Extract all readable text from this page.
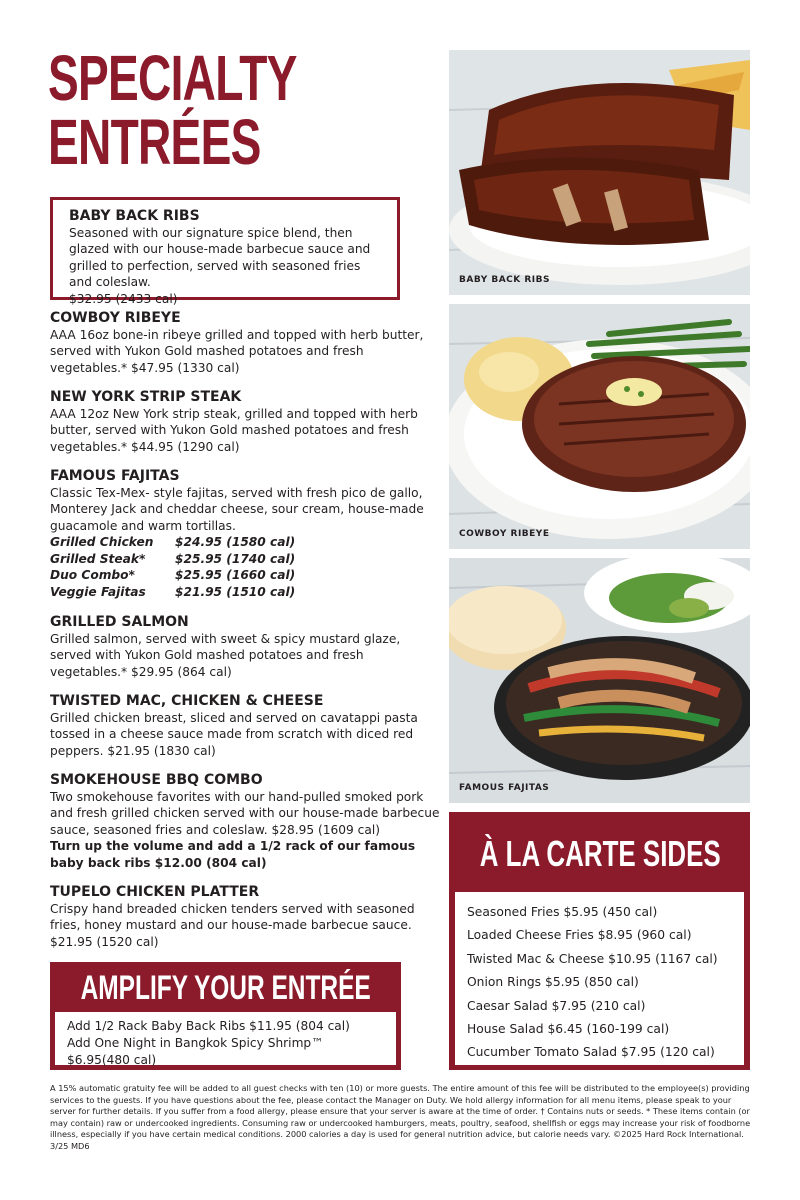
SPECIALTY
ENTRÉES
BABY BACK RIBS
Seasoned with our signature spice blend, then glazed with our house-made barbecue sauce and grilled to perfection, served with seasoned fries and coleslaw.
$32.95 (2433 cal)
COWBOY RIBEYE
AAA 16oz bone-in ribeye grilled and topped with herb butter, served with Yukon Gold mashed potatoes and fresh vegetables.* $47.95 (1330 cal)
NEW YORK STRIP STEAK
AAA 12oz New York strip steak, grilled and topped with herb butter, served with Yukon Gold mashed potatoes and fresh vegetables.* $44.95 (1290 cal)
FAMOUS FAJITAS
Classic Tex-Mex- style fajitas, served with fresh pico de gallo, Monterey Jack and cheddar cheese, sour cream, house-made guacamole and warm tortillas.
Grilled Chicken	$24.95 (1580 cal)
Grilled Steak*	$25.95 (1740 cal)
Duo Combo*	$25.95 (1660 cal)
Veggie Fajitas	$21.95 (1510 cal)
GRILLED SALMON
Grilled salmon, served with sweet & spicy mustard glaze, served with Yukon Gold mashed potatoes and fresh vegetables.* $29.95 (864 cal)
TWISTED MAC, CHICKEN & CHEESE
Grilled chicken breast, sliced and served on cavatappi pasta tossed in a cheese sauce made from scratch with diced red peppers. $21.95 (1830 cal)
SMOKEHOUSE BBQ COMBO
Two smokehouse favorites with our hand-pulled smoked pork and fresh grilled chicken served with our house-made barbecue sauce, seasoned fries and coleslaw. $28.95 (1609 cal)
Turn up the volume and add a 1/2 rack of our famous baby back ribs $12.00 (804 cal)
TUPELO CHICKEN PLATTER
Crispy hand breaded chicken tenders served with seasoned fries, honey mustard and our house-made barbecue sauce. $21.95 (1520 cal)
BABY BACK RIBS
COWBOY RIBEYE
FAMOUS FAJITAS
À LA CARTE SIDES
Seasoned Fries $5.95 (450 cal)
Loaded Cheese Fries $8.95 (960 cal)
Twisted Mac & Cheese $10.95 (1167 cal)
Onion Rings $5.95 (850 cal)
Caesar Salad $7.95 (210 cal)
House Salad $6.45 (160-199 cal)
Cucumber Tomato Salad $7.95 (120 cal)
AMPLIFY YOUR ENTRÉE
Add 1/2 Rack Baby Back Ribs $11.95 (804 cal)
Add One Night in Bangkok Spicy Shrimp™ $6.95(480 cal)
A 15% automatic gratuity fee will be added to all guest checks with ten (10) or more guests. The entire amount of this fee will be distributed to the employee(s) providing services to the guests. If you have questions about the fee, please contact the Manager on Duty. We hold allergy information for all menu items, please speak to your server for further details. If you suffer from a food allergy, please ensure that your server is aware at the time of order. † Contains nuts or seeds. * These items contain (or may contain) raw or undercooked ingredients. Consuming raw or undercooked hamburgers, meats, poultry, seafood, shellfish or eggs may increase your risk of foodborne illness, especially if you have certain medical conditions. 2000 calories a day is used for general nutrition advice, but calorie needs vary. ©2025 Hard Rock International. 3/25 MD6
